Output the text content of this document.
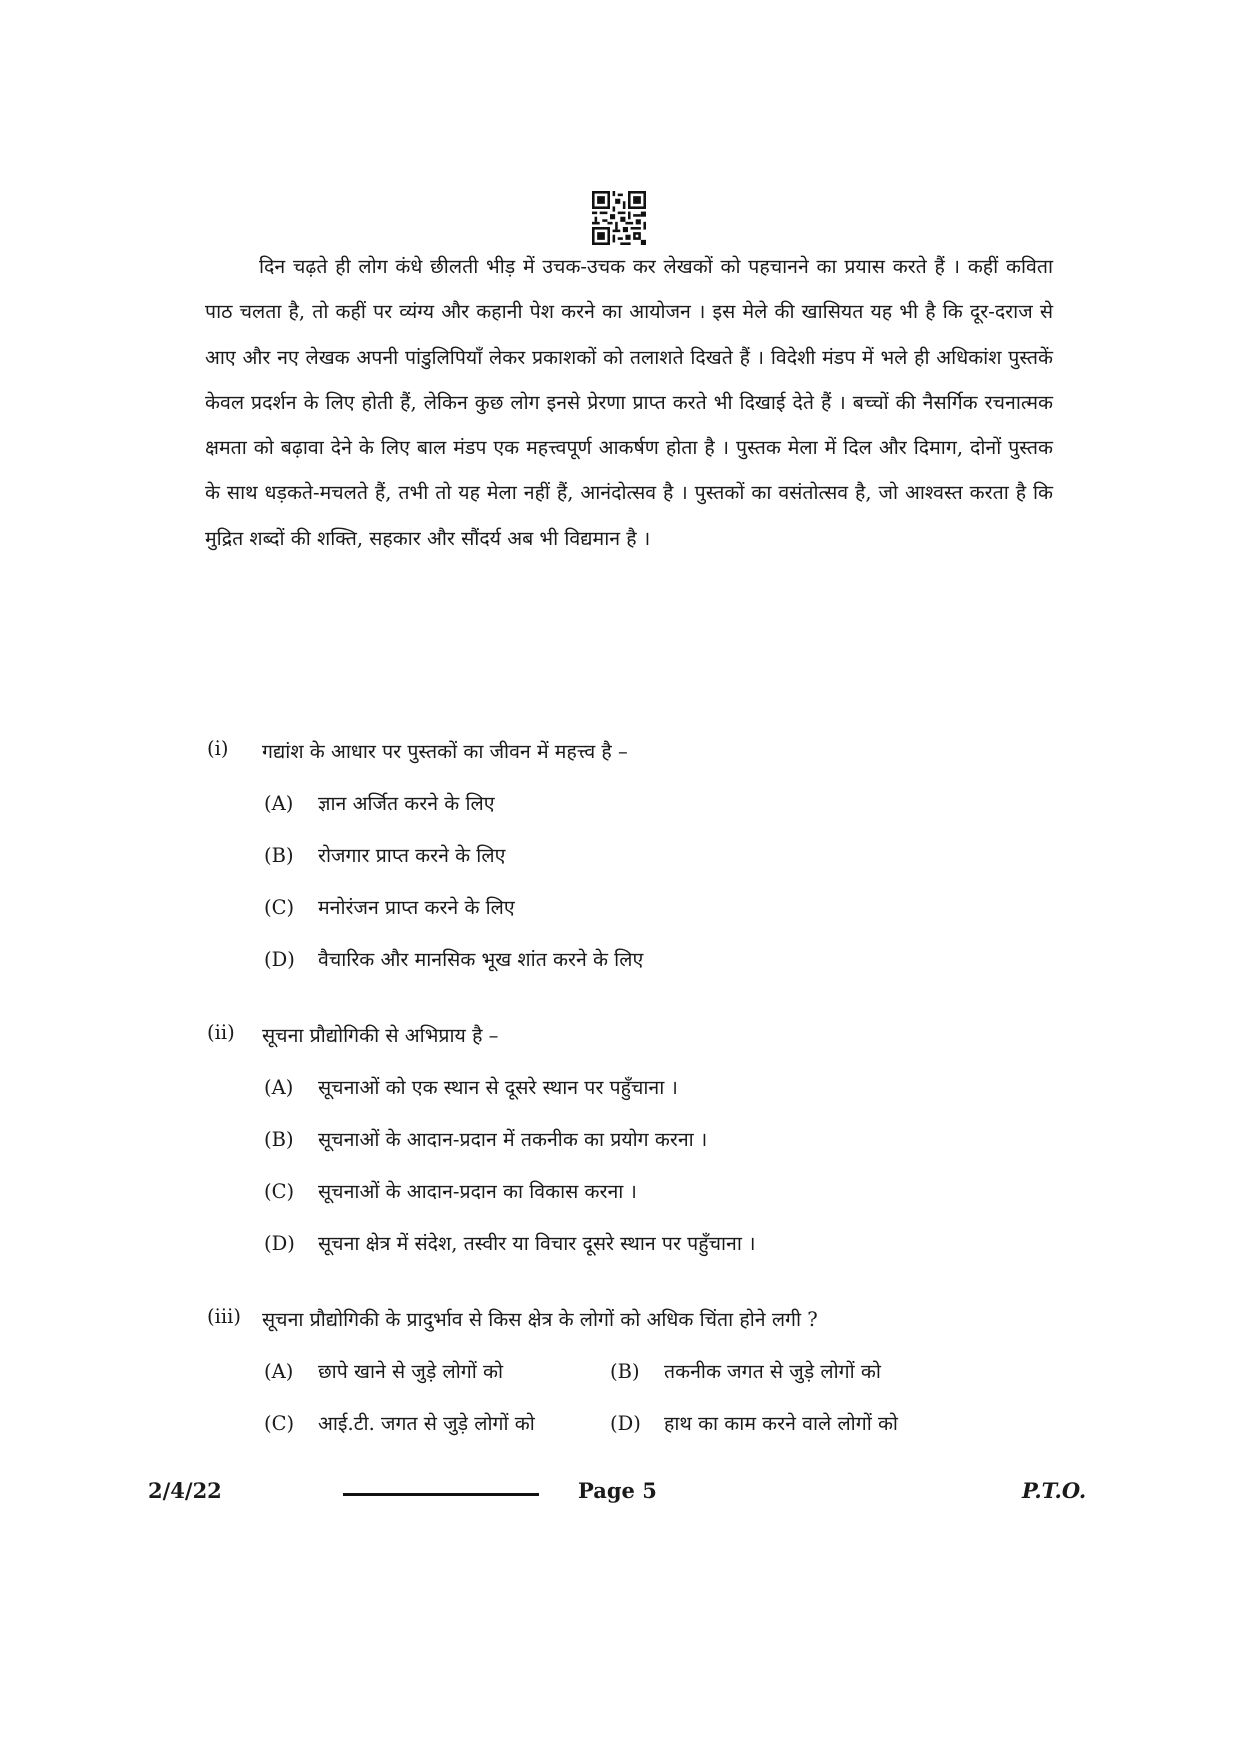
दिन चढ़ते ही लोग कंधे छीलती भीड़ में उचक-उचक कर लेखकों को पहचानने का प्रयास करते हैं । कहीं कविता पाठ चलता है, तो कहीं पर व्यंग्य और कहानी पेश करने का आयोजन । इस मेले की खासियत यह भी है कि दूर-दराज से आए और नए लेखक अपनी पांडुलिपियाँ लेकर प्रकाशकों को तलाशते दिखते हैं । विदेशी मंडप में भले ही अधिकांश पुस्तकें केवल प्रदर्शन के लिए होती हैं, लेकिन कुछ लोग इनसे प्रेरणा प्राप्त करते भी दिखाई देते हैं । बच्चों की नैसर्गिक रचनात्मक क्षमता को बढ़ावा देने के लिए बाल मंडप एक महत्त्वपूर्ण आकर्षण होता है । पुस्तक मेला में दिल और दिमाग, दोनों पुस्तक के साथ धड़कते-मचलते हैं, तभी तो यह मेला नहीं हैं, आनंदोत्सव है । पुस्तकों का वसंतोत्सव है, जो आश्वस्त करता है कि मुद्रित शब्दों की शक्ति, सहकार और सौंदर्य अब भी विद्यमान है ।

(i) गद्यांश के आधार पर पुस्तकों का जीवन में महत्त्व है –
(A) ज्ञान अर्जित करने के लिए
(B) रोजगार प्राप्त करने के लिए
(C) मनोरंजन प्राप्त करने के लिए
(D) वैचारिक और मानसिक भूख शांत करने के लिए
(ii) सूचना प्रौद्योगिकी से अभिप्राय है –
(A) सूचनाओं को एक स्थान से दूसरे स्थान पर पहुँचाना ।
(B) सूचनाओं के आदान-प्रदान में तकनीक का प्रयोग करना ।
(C) सूचनाओं के आदान-प्रदान का विकास करना ।
(D) सूचना क्षेत्र में संदेश, तस्वीर या विचार दूसरे स्थान पर पहुँचाना ।
(iii) सूचना प्रौद्योगिकी के प्रादुर्भाव से किस क्षेत्र के लोगों को अधिक चिंता होने लगी ?
(A) छापे खाने से जुड़े लोगों को	(B) तकनीक जगत से जुड़े लोगों को
(C) आई.टी. जगत से जुड़े लोगों को	(D) हाथ का काम करने वाले लोगों को
2/4/22	Page 5	P.T.O.
